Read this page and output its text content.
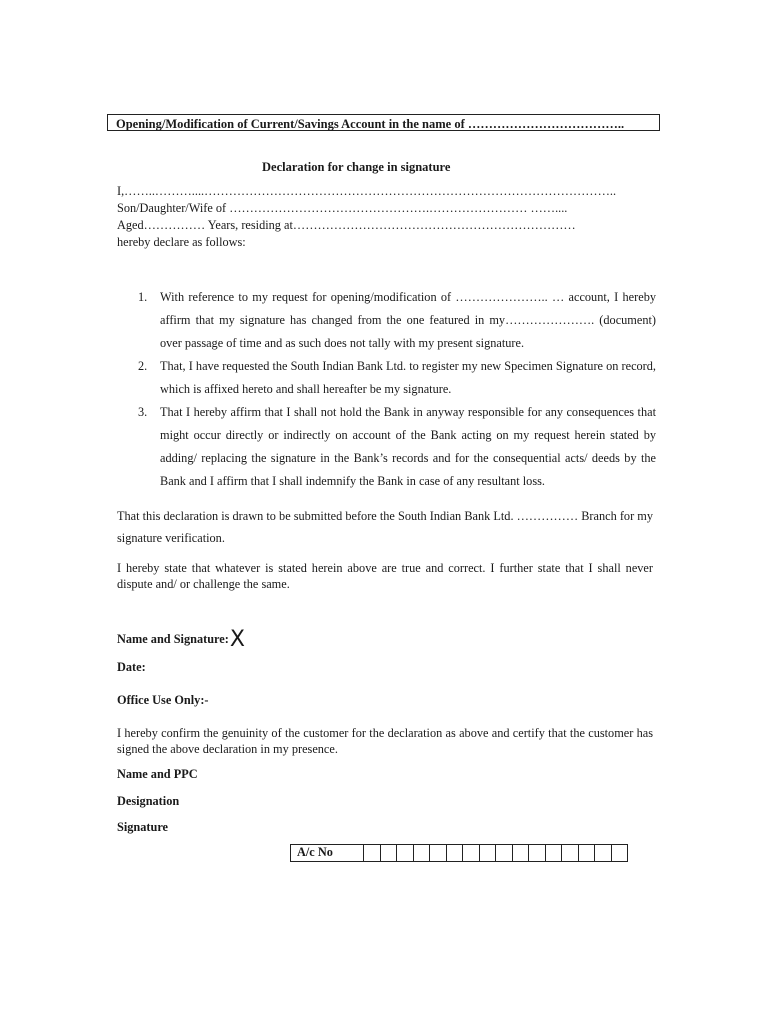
Opening/Modification of Current/Savings Account in the name of ………………………………..
Declaration for change in signature
I,……..………....………………………………………………………………………………………..
Son/Daughter/Wife of ………………………………………….…………………… ……....
Aged…………… Years, residing at……………………………………………………………
hereby declare as follows:
1. With reference to my request for opening/modification of ………………….. … account, I hereby affirm that my signature has changed from the one featured in my…………………. (document) over passage of time and as such does not tally with my present signature.
2. That, I have requested the South Indian Bank Ltd. to register my new Specimen Signature on record, which is affixed hereto and shall hereafter be my signature.
3. That I hereby affirm that I shall not hold the Bank in anyway responsible for any consequences that might occur directly or indirectly on account of the Bank acting on my request herein stated by adding/ replacing the signature in the Bank’s records and for the consequential acts/ deeds by the Bank and I affirm that I shall indemnify the Bank in case of any resultant loss.
That this declaration is drawn to be submitted before the South Indian Bank Ltd. …………… Branch for my signature verification.
I hereby state that whatever is stated herein above are true and correct. I further state that I shall never dispute and/ or challenge the same.
Name and Signature:X
Date:
Office Use Only:-
I hereby confirm the genuinity of the customer for the declaration as above and certify that the customer has signed the above declaration in my presence.
Name and PPC
Designation
Signature
A/c No																
